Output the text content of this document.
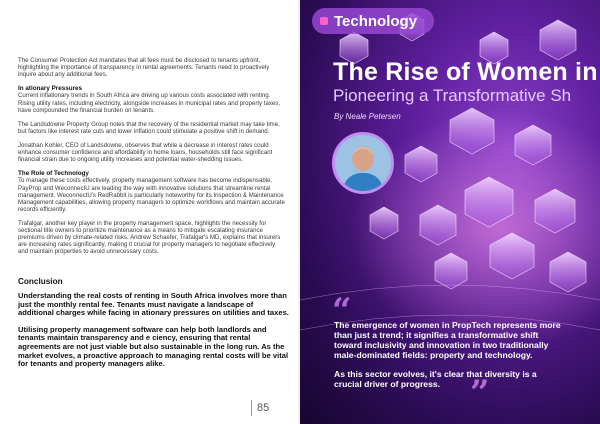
The Consumer Protection Act mandates that all fees must be disclosed to tenants upfront, highlighting the importance of transparency in rental agreements. Tenants need to proactively inquire about any additional fees.

In ationary Pressures

Current inflationary trends in South Africa are driving up various costs associated with renting. Rising utility rates, including electricity, alongside increases in municipal rates and property taxes, have compounded the financial burden on tenants.

The Landsdowne Property Group notes that the recovery of the residential market may take time, but factors like interest rate cuts and lower inflation could stimulate a positive shift in demand.

Jonathan Kohler, CEO of Landsdowne, observes that while a decrease in interest rates could enhance consumer confidence and affordability in home loans, households still face significant financial strain due to ongoing utility increases and potential water-shedding issues.

The Role of Technology

To manage these costs effectively, property management software has become indispensable. PayProp and WeconnectU are leading the way with innovative solutions that streamline rental management. WeconnectU's RedRabbit is particularly noteworthy for its Inspection & Maintenance Management capabilities, allowing property managers to optimize workflows and maintain accurate records efficiently.

Trafalgar, another key player in the property management space, highlights the necessity for sectional title owners to prioritize maintenance as a means to mitigate escalating insurance premiums driven by climate-related risks. Andrew Schaefer, Trafalgar's MD, explains that insurers are increasing rates significantly, making it crucial for property managers to negotiate effectively and maintain properties to avoid unnecessary costs.

Conclusion

Understanding the real costs of renting in South Africa involves more than just the monthly rental fee. Tenants must navigate a landscape of additional charges while facing in ationary pressures on utilities and taxes.

Utilising property management software can help both landlords and tenants maintain transparency and e ciency, ensuring that rental agreements are not just viable but also sustainable in the long run. As the market evolves, a proactive approach to managing rental costs will be vital for tenants and property managers alike.

85
Technology
The Rise of Women in
Pioneering a Transformative Sh
By Neale Petersen
“

The emergence of women in PropTech represents more than just a trend; it signifies a transformative shift toward inclusivity and innovation in two traditionally male-dominated fields: property and technology.

As this sector evolves, it's clear that diversity is a crucial driver of progress. ”
